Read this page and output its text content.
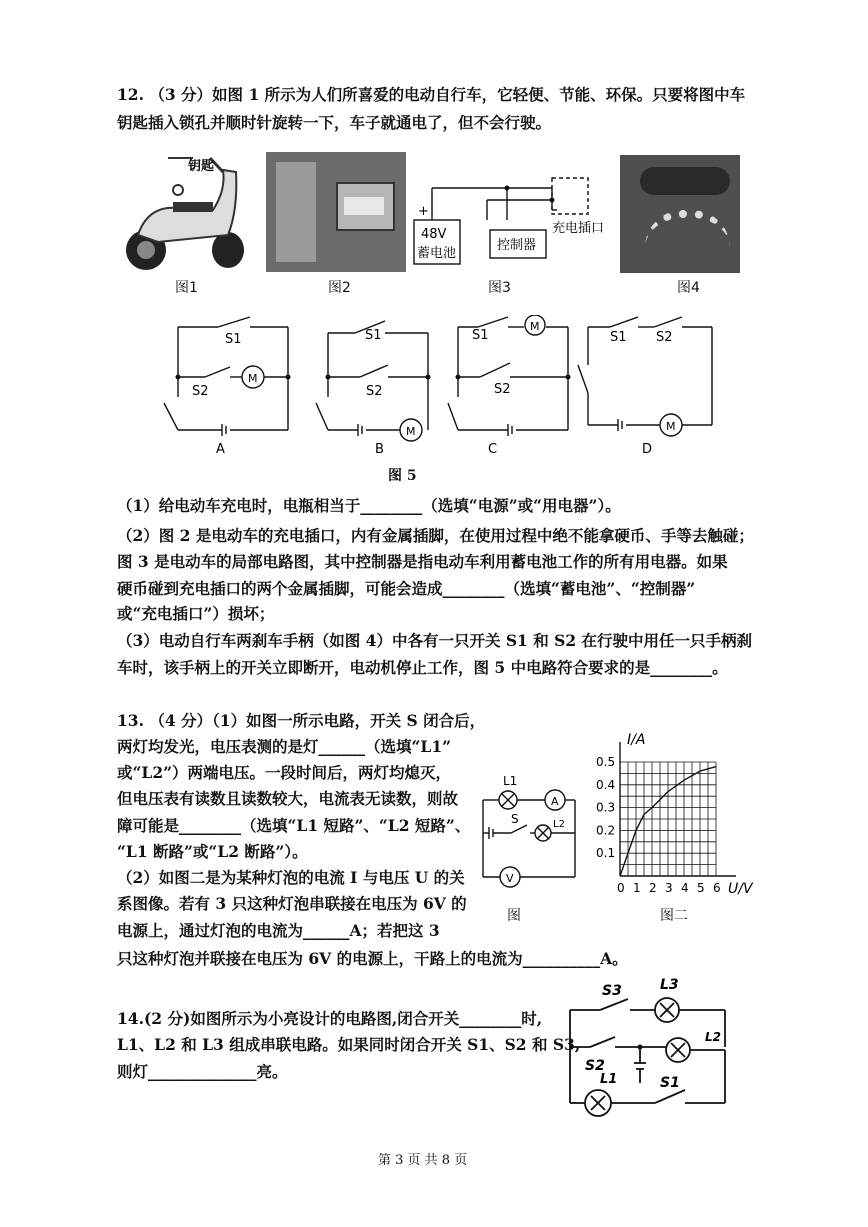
12. （3 分）如图 1 所示为人们所喜爱的电动自行车，它轻便、节能、环保。只要将图中车
钥匙插入锁孔并顺时针旋转一下，车子就通电了，但不会行驶。
钥匙
图1	图2
+
48V
蓄电池
控制器
充电插口
图3	图4
S1
S2
M
A
S1
S2
M
B
S1
M
S2
C
S1 S2
M
D
图 5
（1）给电动车充电时，电瓶相当于________（选填“电源”或“用电器”）。
（2）图 2 是电动车的充电插口，内有金属插脚，在使用过程中绝不能拿硬币、手等去触碰；
图 3 是电动车的局部电路图，其中控制器是指电动车利用蓄电池工作的所有用电器。如果
硬币碰到充电插口的两个金属插脚，可能会造成________（选填“蓄电池”、“控制器”
或“充电插口”）损坏；
（3）电动自行车两刹车手柄（如图 4）中各有一只开关 S1 和 S2 在行驶中用任一只手柄刹
车时，该手柄上的开关立即断开，电动机停止工作，图 5 中电路符合要求的是________。
13. （4 分）（1）如图一所示电路，开关 S 闭合后，
两灯均发光，电压表测的是灯______（选填“L1”
或“L2”）两端电压。一段时间后，两灯均熄灭，
但电压表有读数且读数较大，电流表无读数，则故
障可能是________（选填“L1 短路”、“L2 短路”、
“L1 断路”或“L2 断路”）。
（2）如图二是为某种灯泡的电流 I 与电压 U 的关
系图像。若有 3 只这种灯泡串联接在电压为 6V 的
电源上，通过灯泡的电流为______A；若把这 3
只这种灯泡并联接在电压为 6V 的电源上，干路上的电流为__________A。
L1
A
S	L2
V
图
0.1
0.2
0.3
0.4
0.5
0 1 2 3 4 5 6
I/A
U/V
图二
14.(2 分)如图所示为小亮设计的电路图,闭合开关________时,
L1、L2 和 L3 组成串联电路。如果同时闭合开关 S1、S2 和 S3,
则灯______________亮。
S3	L3
L2
S2
L1	S1
第 3 页 共 8 页
